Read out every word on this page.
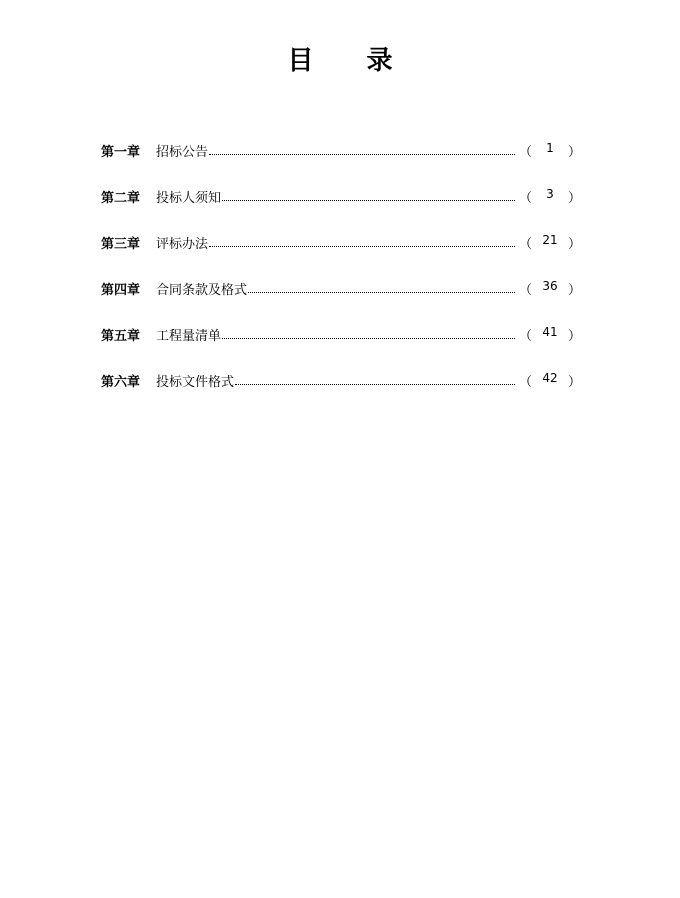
目 录
第一章	招标公告	（	1	）
第二章	投标人须知	（	3	）
第三章	评标办法	（ 21 ）
第四章	合同条款及格式	（ 36 ）
第五章	工程量清单	（ 41 ）
第六章	投标文件格式	（ 42 ）
